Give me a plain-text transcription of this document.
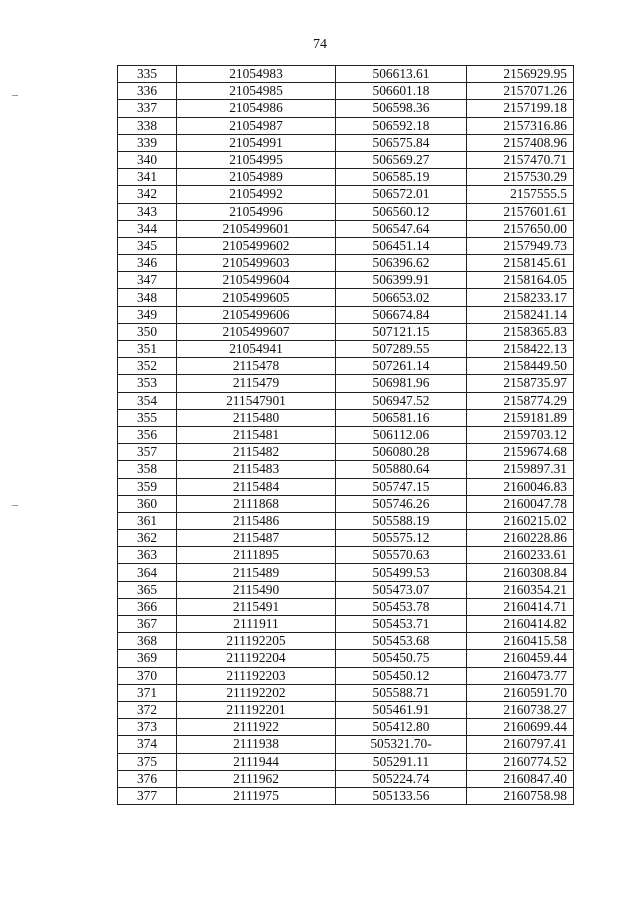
74
335	21054983	506613.61	2156929.95
336	21054985	506601.18	2157071.26
337	21054986	506598.36	2157199.18
338	21054987	506592.18	2157316.86
339	21054991	506575.84	2157408.96
340	21054995	506569.27	2157470.71
341	21054989	506585.19	2157530.29
342	21054992	506572.01	2157555.5
343	21054996	506560.12	2157601.61
344	2105499601	506547.64	2157650.00
345	2105499602	506451.14	2157949.73
346	2105499603	506396.62	2158145.61
347	2105499604	506399.91	2158164.05
348	2105499605	506653.02	2158233.17
349	2105499606	506674.84	2158241.14
350	2105499607	507121.15	2158365.83
351	21054941	507289.55	2158422.13
352	2115478	507261.14	2158449.50
353	2115479	506981.96	2158735.97
354	211547901	506947.52	2158774.29
355	2115480	506581.16	2159181.89
356	2115481	506112.06	2159703.12
357	2115482	506080.28	2159674.68
358	2115483	505880.64	2159897.31
359	2115484	505747.15	2160046.83
360	2111868	505746.26	2160047.78
361	2115486	505588.19	2160215.02
362	2115487	505575.12	2160228.86
363	2111895	505570.63	2160233.61
364	2115489	505499.53	2160308.84
365	2115490	505473.07	2160354.21
366	2115491	505453.78	2160414.71
367	2111911	505453.71	2160414.82
368	211192205	505453.68	2160415.58
369	211192204	505450.75	2160459.44
370	211192203	505450.12	2160473.77
371	211192202	505588.71	2160591.70
372	211192201	505461.91	2160738.27
373	2111922	505412.80	2160699.44
374	2111938	505321.70-	2160797.41
375	2111944	505291.11	2160774.52
376	2111962	505224.74	2160847.40
377	2111975	505133.56	2160758.98
